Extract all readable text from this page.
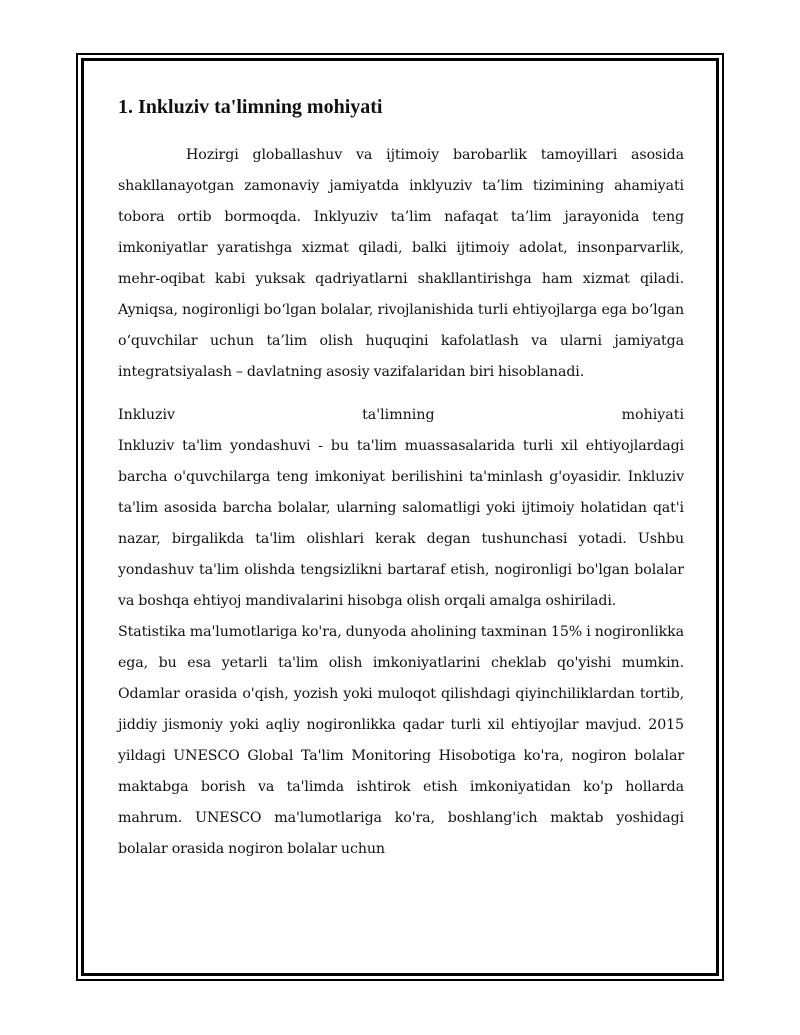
1. Inkluziv ta'limning mohiyati

Hozirgi globallashuv va ijtimoiy barobarlik tamoyillari asosida shakllanayotgan zamonaviy jamiyatda inklyuziv ta’lim tizimining ahamiyati tobora ortib bormoqda. Inklyuziv ta’lim nafaqat ta’lim jarayonida teng imkoniyatlar yaratishga xizmat qiladi, balki ijtimoiy adolat, insonparvarlik, mehr-oqibat kabi yuksak qadriyatlarni shakllantirishga ham xizmat qiladi. Ayniqsa, nogironligi bo‘lgan bolalar, rivojlanishida turli ehtiyojlarga ega bo‘lgan o‘quvchilar uchun ta’lim olish huquqini kafolatlash va ularni jamiyatga integratsiyalash – davlatning asosiy vazifalaridan biri hisoblanadi.

Inkluziv	ta'limning	mohiyati

Inkluziv ta'lim yondashuvi - bu ta'lim muassasalarida turli xil ehtiyojlardagi barcha o'quvchilarga teng imkoniyat berilishini ta'minlash g'oyasidir. Inkluziv ta'lim asosida barcha bolalar, ularning salomatligi yoki ijtimoiy holatidan qat'i nazar, birgalikda ta'lim olishlari kerak degan tushunchasi yotadi. Ushbu yondashuv ta'lim olishda tengsizlikni bartaraf etish, nogironligi bo'lgan bolalar va boshqa ehtiyoj mandivalarini hisobga olish orqali amalga oshiriladi.

Statistika ma'lumotlariga ko'ra, dunyoda aholining taxminan 15% i nogironlikka ega, bu esa yetarli ta'lim olish imkoniyatlarini cheklab qo'yishi mumkin. Odamlar orasida o'qish, yozish yoki muloqot qilishdagi qiyinchiliklardan tortib, jiddiy jismoniy yoki aqliy nogironlikka qadar turli xil ehtiyojlar mavjud. 2015 yildagi UNESCO Global Ta'lim Monitoring Hisobotiga ko'ra, nogiron bolalar maktabga borish va ta'limda ishtirok etish imkoniyatidan ko'p hollarda mahrum. UNESCO ma'lumotlariga ko'ra, boshlang'ich maktab yoshidagi bolalar orasida nogiron bolalar uchun
